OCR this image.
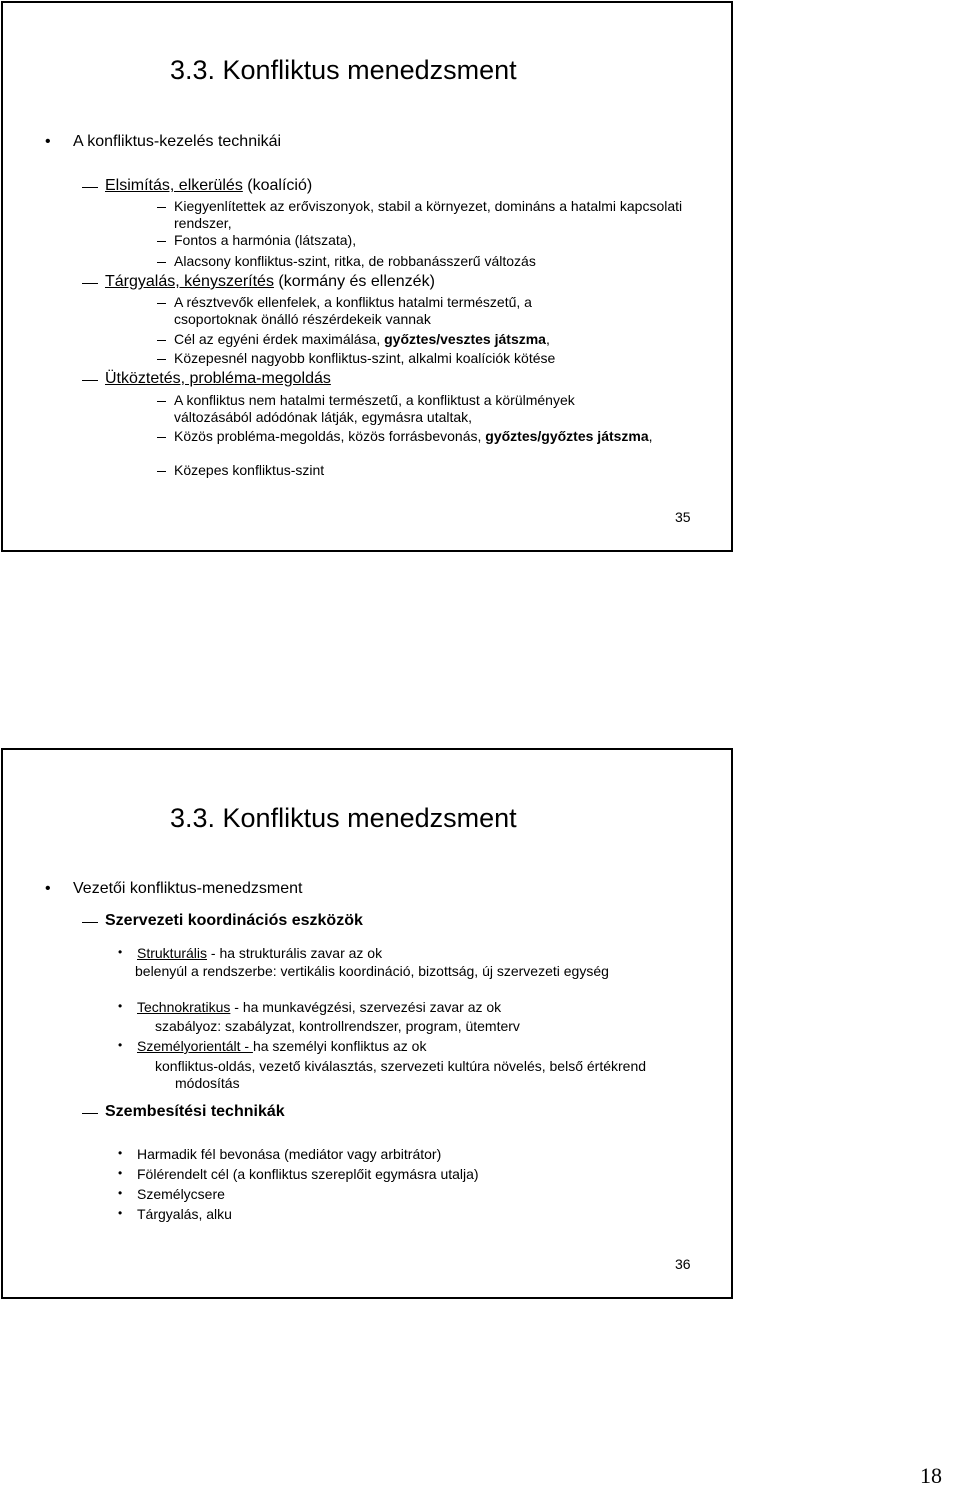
3.3. Konfliktus menedzsment
• A konfliktus-kezelés technikái
Elsimítás, elkerülés (koalíció)
Kiegyenlítettek az erőviszonyok, stabil a környezet, domináns a hatalmi kapcsolati rendszer,
Fontos a harmónia (látszata),
Alacsony konfliktus-szint, ritka, de robbanásszerű változás
Tárgyalás, kényszerítés (kormány és ellenzék)
A résztvevők ellenfelek, a konfliktus hatalmi természetű, a csoportoknak önálló részérdekeik vannak
Cél az egyéni érdek maximálása, győztes/vesztes játszma,
Közepesnél nagyobb konfliktus-szint, alkalmi koalíciók kötése
Ütköztetés, probléma-megoldás
A konfliktus nem hatalmi természetű, a konfliktust a körülmények változásából adódónak látják, egymásra utaltak,
Közös probléma-megoldás, közös forrásbevonás, győztes/győztes játszma,
Közepes konfliktus-szint
35
3.3. Konfliktus menedzsment
• Vezetői konfliktus-menedzsment
Szervezeti koordinációs eszközök
• Strukturális - ha strukturális zavar az ok
belenyúl a rendszerbe: vertikális koordináció, bizottság, új szervezeti egység
• Technokratikus - ha munkavégzési, szervezési zavar az ok
szabályoz: szabályzat, kontrollrendszer, program, ütemterv
• Személyorientált - ha személyi konfliktus az ok
konfliktus-oldás, vezető kiválasztás, szervezeti kultúra növelés, belső értékrend módosítás
Szembesítési technikák
• Harmadik fél bevonása (mediátor vagy arbitrátor)
• Fölérendelt cél (a konfliktus szereplőit egymásra utalja)
• Személycsere
• Tárgyalás, alku
36
18
